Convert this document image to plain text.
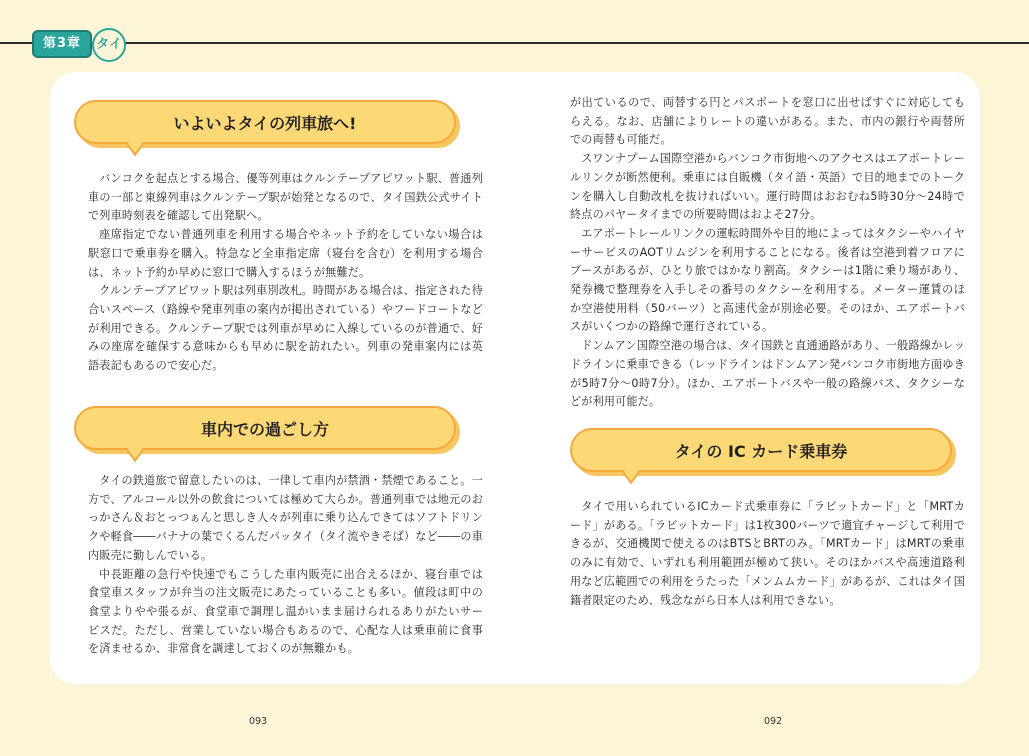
第3章	タイ
いよいよタイの列車旅へ!

バンコクを起点とする場合、優等列車はクルンテープアピワット駅、普通列車の一部と東線列車はクルンテープ駅が始発となるので、タイ国鉄公式サイトで列車時刻表を確認して出発駅へ。

座席指定でない普通列車を利用する場合やネット予約をしていない場合は駅窓口で乗車券を購入。特急など全車指定席（寝台を含む）を利用する場合は、ネット予約か早めに窓口で購入するほうが無難だ。

クルンテープアピワット駅は列車別改札。時間がある場合は、指定された待合いスペース（路線や発車列車の案内が掲出されている）やフードコートなどが利用できる。クルンテープ駅では列車が早めに入線しているのが普通で、好みの座席を確保する意味からも早めに駅を訪れたい。列車の発車案内には英語表記もあるので安心だ。

車内での過ごし方

タイの鉄道旅で留意したいのは、一律して車内が禁酒・禁煙であること。一方で、アルコール以外の飲食については極めて大らか。普通列車では地元のおっかさん＆おとっつぁんと思しき人々が列車に乗り込んできてはソフトドリンクや軽食――バナナの葉でくるんだパッタイ（タイ流やきそば）など――の車内販売に勤しんでいる。

中長距離の急行や快速でもこうした車内販売に出合えるほか、寝台車では食堂車スタッフが弁当の注文販売にあたっていることも多い。値段は町中の食堂よりやや張るが、食堂車で調理し温かいまま届けられるありがたいサービスだ。ただし、営業していない場合もあるので、心配な人は乗車前に食事を済ませるか、非常食を調達しておくのが無難かも。

が出ているので、両替する円とパスポートを窓口に出せばすぐに対応してもらえる。なお、店舗によりレートの違いがある。また、市内の銀行や両替所での両替も可能だ。

スワンナプーム国際空港からバンコク市街地へのアクセスはエアポートレールリンクが断然便利。乗車には自販機（タイ語・英語）で目的地までのトークンを購入し自動改札を抜ければいい。運行時間はおおむね5時30分～24時で終点のパヤータイまでの所要時間はおよそ27分。

エアポートレールリンクの運転時間外や目的地によってはタクシーやハイヤーサービスのAOTリムジンを利用することになる。後者は空港到着フロアにブースがあるが、ひとり旅ではかなり割高。タクシーは1階に乗り場があり、発券機で整理券を入手しその番号のタクシーを利用する。メーター運賃のほか空港使用料（50バーツ）と高速代金が別途必要。そのほか、エアポートバスがいくつかの路線で運行されている。

ドンムアン国際空港の場合は、タイ国鉄と直通通路があり、一般路線かレッドラインに乗車できる（レッドラインはドンムアン発バンコク市街地方面ゆきが5時7分～0時7分）。ほか、エアポートバスや一般の路線バス、タクシーなどが利用可能だ。

タイの IC カード乗車券

タイで用いられているICカード式乗車券に「ラビットカード」と「MRTカード」がある。「ラビットカード」は1枚300バーツで適宜チャージして利用できるが、交通機関で使えるのはBTSとBRTのみ。「MRTカード」はMRTの乗車のみに有効で、いずれも利用範囲が極めて狭い。そのほかバスや高速道路利用など広範囲での利用をうたった「メンムムカード」があるが、これはタイ国籍者限定のため、残念ながら日本人は利用できない。

093	092
